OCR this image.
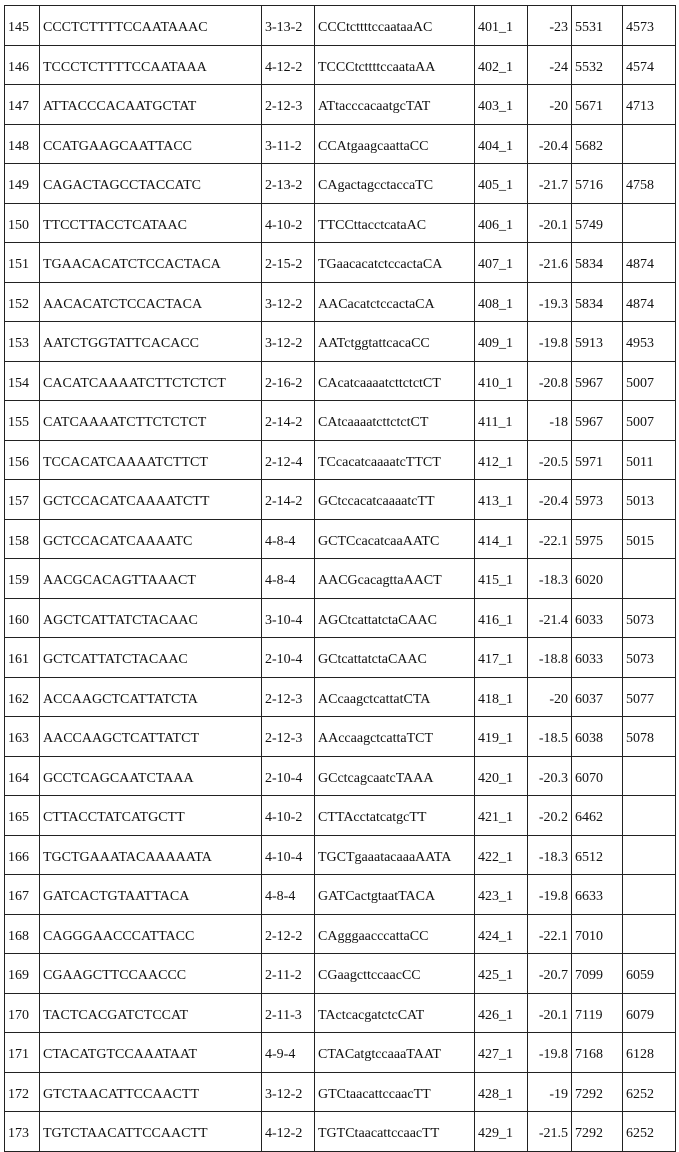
145	CCCTCTTTTCCAATAAAC	3-13-2	CCCtcttttccaataaAC	401_1	-23	5531	4573
146	TCCCTCTTTTCCAATAAA	4-12-2	TCCCtcttttccaataAA	402_1	-24	5532	4574
147	ATTACCCACAATGCTAT	2-12-3	ATtacccacaatgcTAT	403_1	-20	5671	4713
148	CCATGAAGCAATTACC	3-11-2	CCAtgaagcaattaCC	404_1	-20.4	5682	
149	CAGACTAGCCTACCATC	2-13-2	CAgactagcctaccaTC	405_1	-21.7	5716	4758
150	TTCCTTACCTCATAAC	4-10-2	TTCCttacctcataAC	406_1	-20.1	5749	
151	TGAACACATCTCCACTACA	2-15-2	TGaacacatctccactaCA	407_1	-21.6	5834	4874
152	AACACATCTCCACTACA	3-12-2	AACacatctccactaCA	408_1	-19.3	5834	4874
153	AATCTGGTATTCACACC	3-12-2	AATctggtattcacaCC	409_1	-19.8	5913	4953
154	CACATCAAAATCTTCTCTCT	2-16-2	CAcatcaaaatcttctctCT	410_1	-20.8	5967	5007
155	CATCAAAATCTTCTCTCT	2-14-2	CAtcaaaatcttctctCT	411_1	-18	5967	5007
156	TCCACATCAAAATCTTCT	2-12-4	TCcacatcaaaatcTTCT	412_1	-20.5	5971	5011
157	GCTCCACATCAAAATCTT	2-14-2	GCtccacatcaaaatcTT	413_1	-20.4	5973	5013
158	GCTCCACATCAAAATC	4-8-4	GCTCcacatcaaAATC	414_1	-22.1	5975	5015
159	AACGCACAGTTAAACT	4-8-4	AACGcacagttaAACT	415_1	-18.3	6020	
160	AGCTCATTATCTACAAC	3-10-4	AGCtcattatctaCAAC	416_1	-21.4	6033	5073
161	GCTCATTATCTACAAC	2-10-4	GCtcattatctaCAAC	417_1	-18.8	6033	5073
162	ACCAAGCTCATTATCTA	2-12-3	ACcaagctcattatCTA	418_1	-20	6037	5077
163	AACCAAGCTCATTATCT	2-12-3	AAccaagctcattaTCT	419_1	-18.5	6038	5078
164	GCCTCAGCAATCTAAA	2-10-4	GCctcagcaatcTAAA	420_1	-20.3	6070	
165	CTTACCTATCATGCTT	4-10-2	CTTAcctatcatgcTT	421_1	-20.2	6462	
166	TGCTGAAATACAAAAATA	4-10-4	TGCTgaaatacaaaAATA	422_1	-18.3	6512	
167	GATCACTGTAATTACA	4-8-4	GATCactgtaatTACA	423_1	-19.8	6633	
168	CAGGGAACCCATTACC	2-12-2	CAgggaacccattaCC	424_1	-22.1	7010	
169	CGAAGCTTCCAACCC	2-11-2	CGaagcttccaacCC	425_1	-20.7	7099	6059
170	TACTCACGATCTCCAT	2-11-3	TActcacgatctcCAT	426_1	-20.1	7119	6079
171	CTACATGTCCAAATAAT	4-9-4	CTACatgtccaaaTAAT	427_1	-19.8	7168	6128
172	GTCTAACATTCCAACTT	3-12-2	GTCtaacattccaacTT	428_1	-19	7292	6252
173	TGTCTAACATTCCAACTT	4-12-2	TGTCtaacattccaacTT	429_1	-21.5	7292	6252
